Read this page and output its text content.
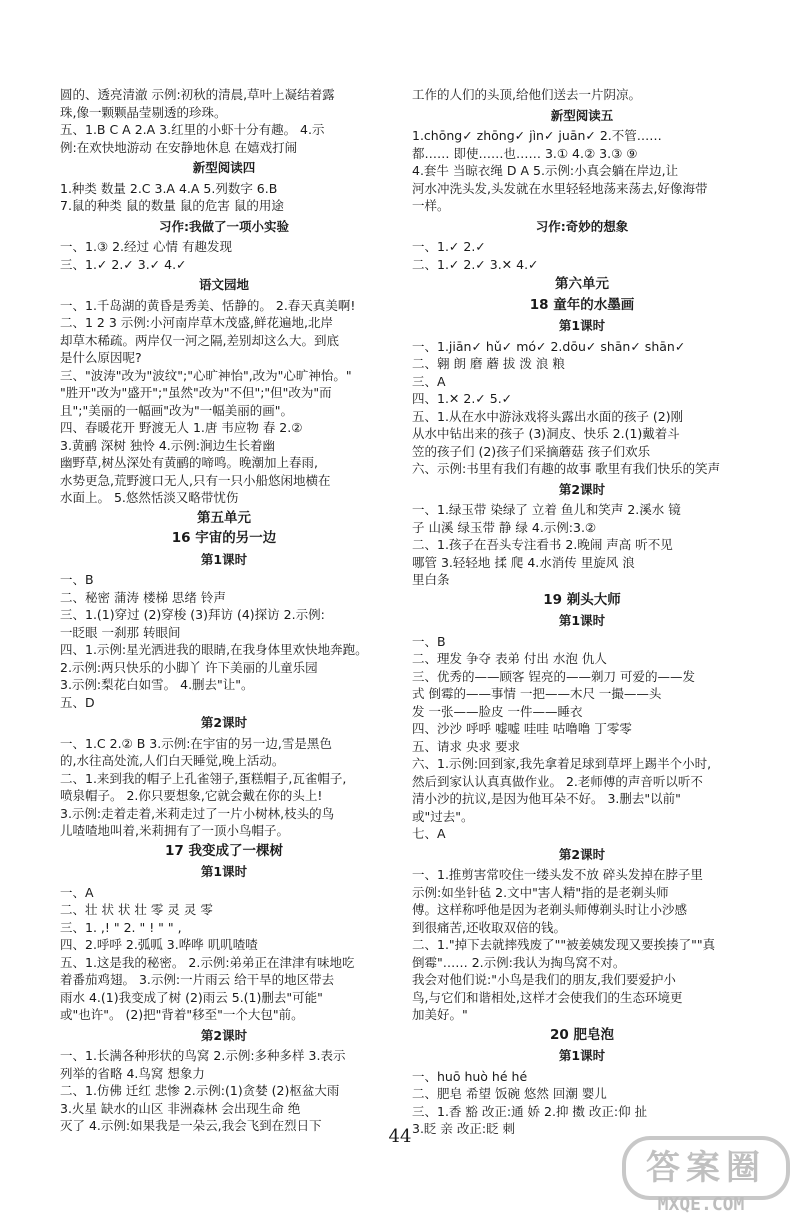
圆的、透亮清澈 示例:初秋的清晨,草叶上凝结着露
珠,像一颗颗晶莹剔透的珍珠。
五、1.B C A 2.A 3.红里的小虾十分有趣。 4.示
例:在欢快地游动 在安静地休息 在嬉戏打闹
新型阅读四
1.种类 数量 2.C 3.A 4.A 5.列数字 6.B
7.鼠的种类 鼠的数量 鼠的危害 鼠的用途
习作:我做了一项小实验
一、1.③ 2.经过 心情 有趣发现
三、1.✓ 2.✓ 3.✓ 4.✓
语文园地
一、1.千岛湖的黄昏是秀美、恬静的。 2.春天真美啊!
二、1 2 3 示例:小河南岸草木茂盛,鲜花遍地,北岸
却草木稀疏。两岸仅一河之隔,差别却这么大。到底
是什么原因呢?
三、"波涛"改为"波纹";"心旷神怡",改为"心旷神怡。"
"胜开"改为"盛开";"虽然"改为"不但";"但"改为"而
且";"美丽的一幅画"改为"一幅美丽的画"。
四、春暖花开 野渡无人 1.唐 韦应物 春 2.②
3.黄鹂 深树 独怜 4.示例:涧边生长着幽
幽野草,树丛深处有黄鹂的啼鸣。晚潮加上春雨,
水势更急,荒野渡口无人,只有一只小船悠闲地横在
水面上。 5.悠然恬淡又略带忧伤
第五单元
16 宇宙的另一边
第1课时
一、B
二、秘密 蒲涛 楼梯 思绪 铃声
三、1.(1)穿过 (2)穿梭 (3)拜访 (4)探访 2.示例:
一眨眼 一刹那 转眼间
四、1.示例:星光洒进我的眼睛,在我身体里欢快地奔跑。
2.示例:两只快乐的小脚丫 许下美丽的儿童乐园
3.示例:梨花白如雪。 4.删去"让"。
五、D
第2课时
一、1.C 2.② B 3.示例:在宇宙的另一边,雪是黑色
的,水往高处流,人们白天睡觉,晚上活动。
二、1.来到我的帽子上孔雀翎子,蛋糕帽子,瓦雀帽子,
喷泉帽子。 2.你只要想象,它就会戴在你的头上!
3.示例:走着走着,米莉走过了一片小树林,枝头的鸟
儿喳喳地叫着,米莉拥有了一顶小鸟帽子。
17 我变成了一棵树
第1课时
一、A
二、壮 状 状 壮 零 灵 灵 零
三、1. ,! " 2. " ! " " ,
四、2.呼呼 2.弧呱 3.哗哗 叽叽喳喳
五、1.这是我的秘密。 2.示例:弟弟正在津津有味地吃
着番茄鸡翅。 3.示例:一片雨云 给干旱的地区带去
雨水 4.(1)我变成了树 (2)雨云 5.(1)删去"可能"
或"也许"。 (2)把"背着"移至"一个大包"前。
第2课时
一、1.长满各种形状的鸟窝 2.示例:多种多样 3.表示
列举的省略 4.鸟窝 想象力
二、1.仿佛 迁红 悲惨 2.示例:(1)贪婪 (2)枢盆大雨
3.火星 缺水的山区 非洲森林 会出现生命 绝
灭了 4.示例:如果我是一朵云,我会飞到在烈日下
工作的人们的头顶,给他们送去一片阴凉。
新型阅读五
1.chōng✓ zhōng✓ jìn✓ juān✓ 2.不管……
都…… 即使……也…… 3.① 4.② 3.③ ⑨
4.套牛 当晾衣绳 D A 5.示例:小真会躺在岸边,让
河水冲洗头发,头发就在水里轻轻地荡来荡去,好像海带
一样。
习作:奇妙的想象
一、1.✓ 2.✓
二、1.✓ 2.✓ 3.✕ 4.✓
第六单元
18 童年的水墨画
第1课时
一、1.jiān✓ hǔ✓ mó✓ 2.dōu✓ shān✓ shān✓
二、翱 朗 磨 蘑 拔 泼 浪 粮
三、A
四、1.✕ 2.✓ 5.✓
五、1.从在水中游泳戏将头露出水面的孩子 (2)刚
从水中钻出来的孩子 (3)洞皮、快乐 2.(1)戴着斗
笠的孩子们 (2)孩子们采摘蘑菇 孩子们欢乐
六、示例:书里有我们有趣的故事 歌里有我们快乐的笑声
第2课时
一、1.绿玉带 染绿了 立着 鱼儿和笑声 2.溪水 镜
子 山溪 绿玉带 静 绿 4.示例:3.②
二、1.孩子在吾头专注看书 2.晚闹 声高 听不见
哪管 3.轻轻地 揉 爬 4.水消传 里旋风 浪
里白条
19 剃头大师
第1课时
一、B
二、理发 争夺 表弟 付出 水泡 仇人
三、优秀的——顾客 锃亮的——剃刀 可爱的——发
式 倒霉的——事情 一把——木尺 一撮——头
发 一张——脸皮 一件——睡衣
四、沙沙 呼呼 嘘嘘 哇哇 咕噜噜 丁零零
五、请求 央求 要求
六、1.示例:回到家,我先拿着足球到草坪上踢半个小时,
然后到家认认真真做作业。 2.老师傅的声音听以听不
清小沙的抗议,是因为他耳朵不好。 3.删去"以前"
或"过去"。
七、A
第2课时
一、1.推剪害常咬住一缕头发不放 碎头发掉在脖子里
示例:如坐针毡 2.文中"害人精"指的是老剃头师
傅。这样称呼他是因为老剃头师傅剃头时让小沙感
到很痛苦,还收取双倍的钱。
二、1."掉下去就摔残废了""被姜姨发现又要挨揍了""真
倒霉"…… 2.示例:我认为掏鸟窝不对。
我会对他们说:"小鸟是我们的朋友,我们要爱护小
鸟,与它们和谐相处,这样才会使我们的生态环境更
加美好。"
20 肥皂泡
第1课时
一、huō huò hé hé
二、肥皂 希望 饭碗 悠然 回潮 婴儿
三、1.香 豁 改正:通 娇 2.抑 擞 改正:仰 扯
3.眨 亲 改正:眨 刺
44
答案圈
MXQE.COM
